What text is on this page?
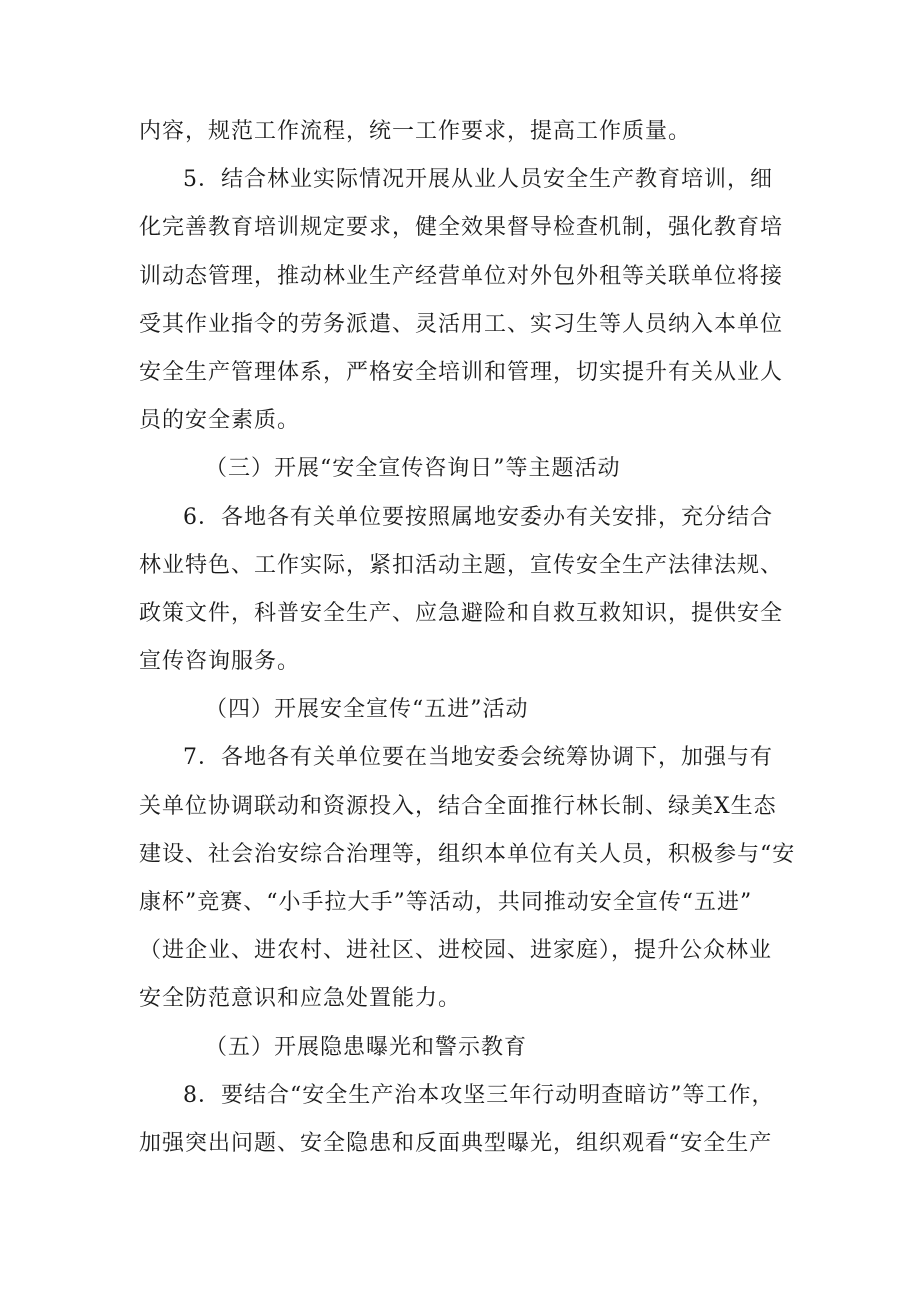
内容，规范工作流程，统一工作要求，提高工作质量。
5．结合林业实际情况开展从业人员安全生产教育培训，细
化完善教育培训规定要求，健全效果督导检查机制，强化教育培
训动态管理，推动林业生产经营单位对外包外租等关联单位将接
受其作业指令的劳务派遣、灵活用工、实习生等人员纳入本单位
安全生产管理体系，严格安全培训和管理，切实提升有关从业人
员的安全素质。
（三）开展“安全宣传咨询日”等主题活动
6．各地各有关单位要按照属地安委办有关安排，充分结合
林业特色、工作实际，紧扣活动主题，宣传安全生产法律法规、
政策文件，科普安全生产、应急避险和自救互救知识，提供安全
宣传咨询服务。
（四）开展安全宣传“五进”活动
7．各地各有关单位要在当地安委会统筹协调下，加强与有
关单位协调联动和资源投入，结合全面推行林长制、绿美X生态
建设、社会治安综合治理等，组织本单位有关人员，积极参与“安
康杯”竞赛、“小手拉大手”等活动，共同推动安全宣传“五进”
（进企业、进农村、进社区、进校园、进家庭），提升公众林业
安全防范意识和应急处置能力。
（五）开展隐患曝光和警示教育
8．要结合“安全生产治本攻坚三年行动明查暗访”等工作，
加强突出问题、安全隐患和反面典型曝光，组织观看“安全生产
